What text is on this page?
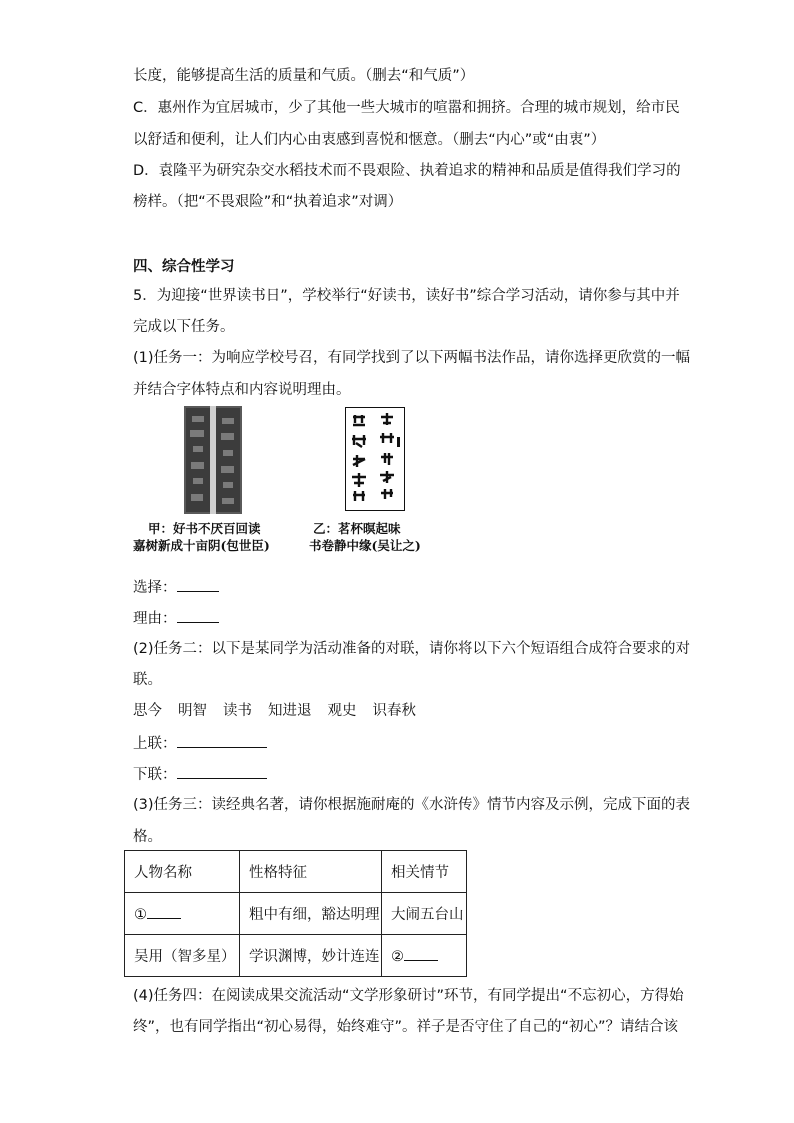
长度，能够提高生活的质量和气质。（删去“和气质”）
C．惠州作为宜居城市，少了其他一些大城市的喧嚣和拥挤。合理的城市规划，给市民
以舒适和便利，让人们内心由衷感到喜悦和惬意。（删去“内心”或“由衷”）
D．袁隆平为研究杂交水稻技术而不畏艰险、执着追求的精神和品质是值得我们学习的
榜样。（把“不畏艰险”和“执着追求”对调）
四、综合性学习
5．为迎接“世界读书日”，学校举行“好读书，读好书”综合学习活动，请你参与其中并
完成以下任务。
(1)任务一：为响应学校号召，有同学找到了以下两幅书法作品，请你选择更欣赏的一幅
并结合字体特点和内容说明理由。
甲：好书不厌百回读
嘉树新成十亩阴(包世臣)
乙：茗杯暝起味
书卷静中缘(吴让之)
选择：
理由：
(2)任务二：以下是某同学为活动准备的对联，请你将以下六个短语组合成符合要求的对
联。
思今 明智 读书 知进退 观史 识春秋
上联：
下联：
(3)任务三：读经典名著，请你根据施耐庵的《水浒传》情节内容及示例，完成下面的表
格。
人物名称	性格特征	相关情节
①	粗中有细，豁达明理	大闹五台山
吴用（智多星）	学识渊博，妙计连连	②
(4)任务四：在阅读成果交流活动“文学形象研讨”环节，有同学提出“不忘初心，方得始
终”，也有同学指出“初心易得，始终难守”。祥子是否守住了自己的“初心”？请结合该
